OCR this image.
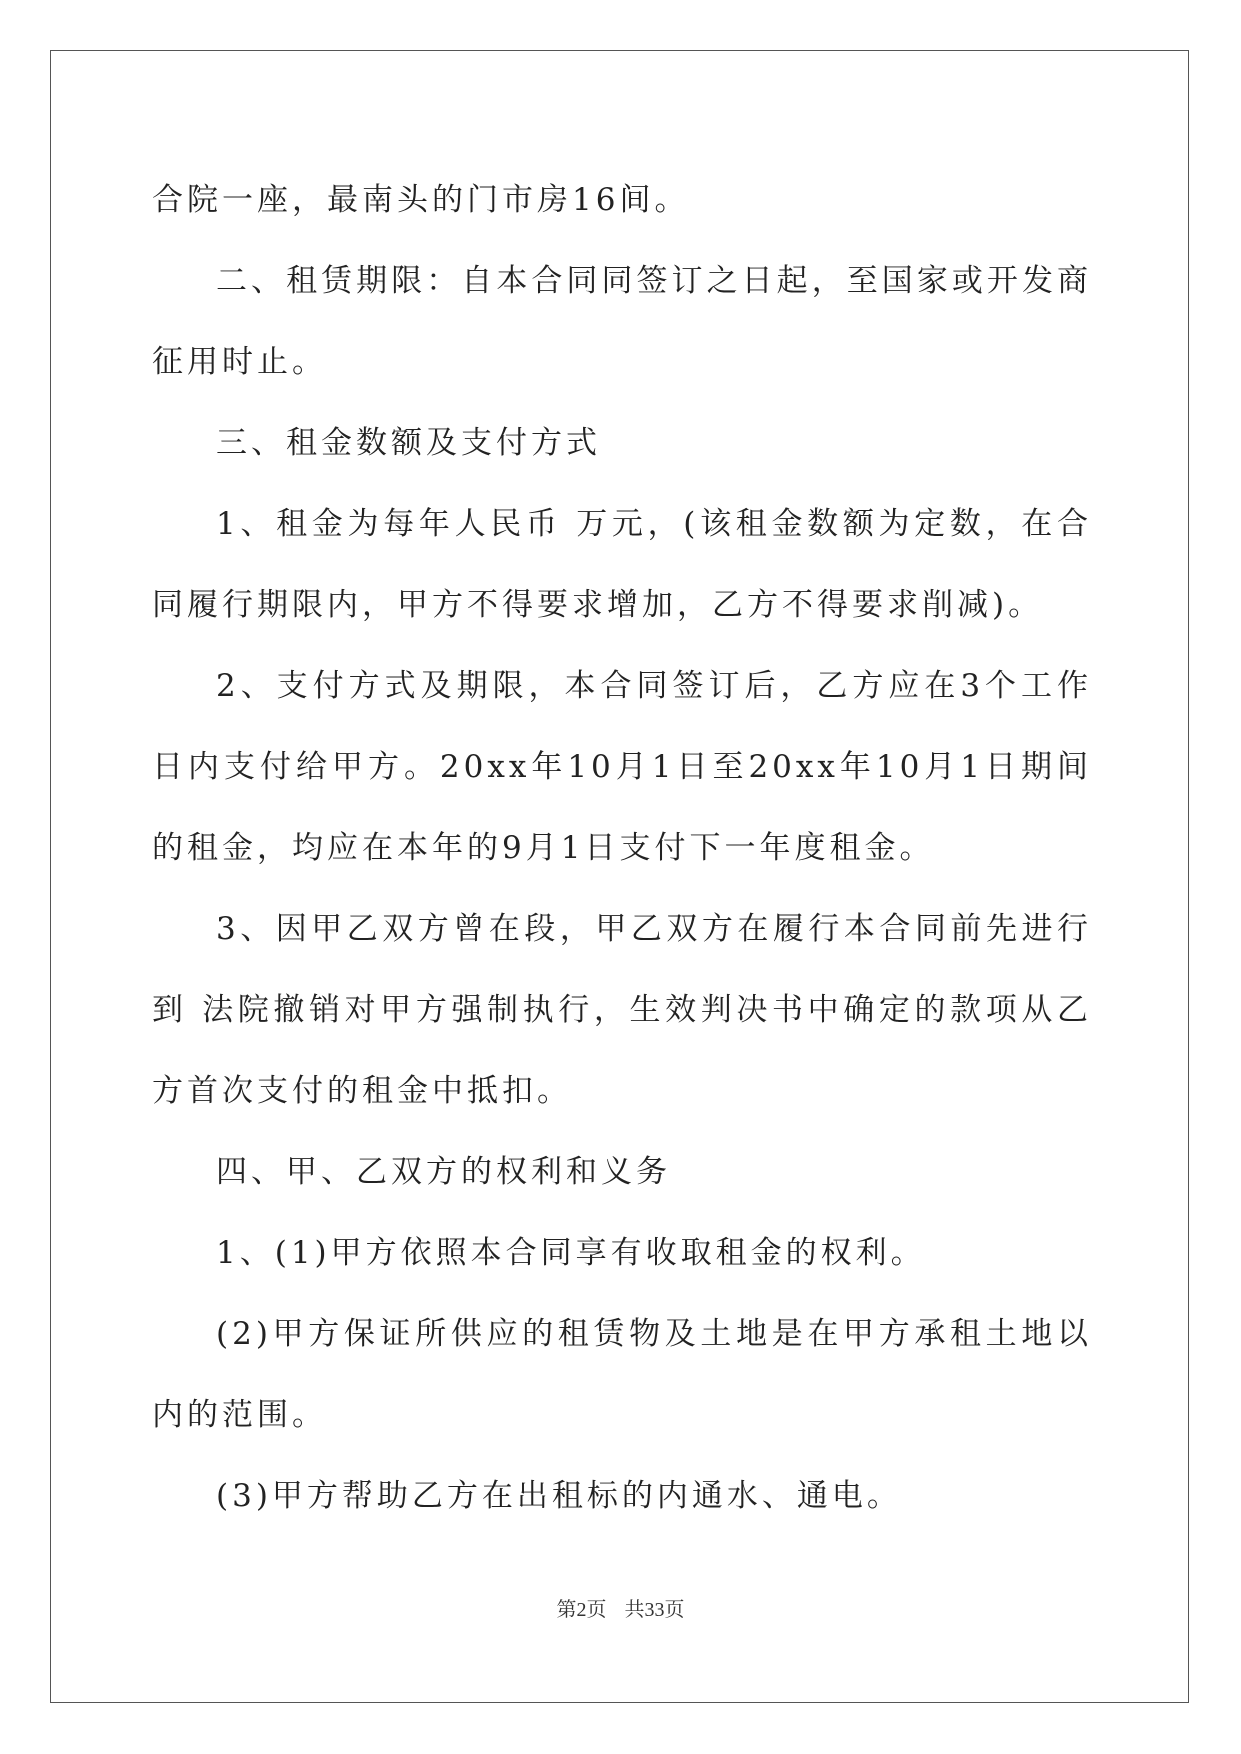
合院一座，最南头的门市房16间。

二、租赁期限：自本合同同签订之日起，至国家或开发商征用时止。

三、租金数额及支付方式

1、租金为每年人民币 万元，(该租金数额为定数，在合同履行期限内，甲方不得要求增加，乙方不得要求削减)。

2、支付方式及期限，本合同签订后，乙方应在3个工作日内支付给甲方。20xx年10月1日至20xx年10月1日期间的租金，均应在本年的9月1日支付下一年度租金。

3、因甲乙双方曾在段，甲乙双方在履行本合同前先进行到 法院撤销对甲方强制执行，生效判决书中确定的款项从乙方首次支付的租金中抵扣。

四、甲、乙双方的权利和义务

1、(1)甲方依照本合同享有收取租金的权利。

(2)甲方保证所供应的租赁物及土地是在甲方承租土地以内的范围。

(3)甲方帮助乙方在出租标的内通水、通电。

第2页 共33页
